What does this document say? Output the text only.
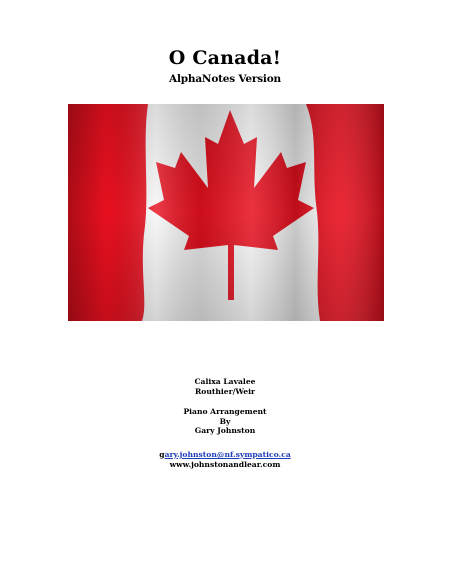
O Canada!
AlphaNotes Version
Calixa Lavalee
Routhier/Weir
Piano Arrangement
By
Gary Johnston
gary.johnston@nf.sympatico.ca
www.johnstonandlear.com
